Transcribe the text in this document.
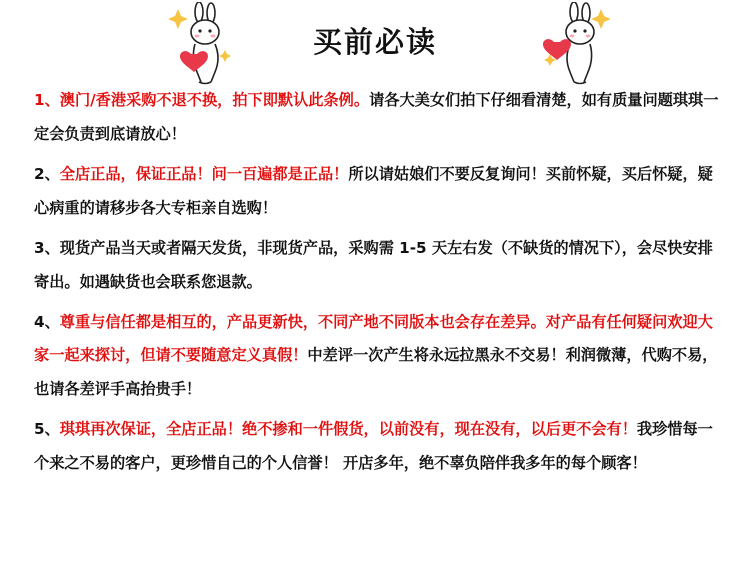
买前必读

1、澳门/香港采购不退不换，拍下即默认此条例。请各大美女们拍下仔细看清楚，如有质量问题琪琪一定会负责到底请放心！

2、全店正品，保证正品！问一百遍都是正品！所以请姑娘们不要反复询问！买前怀疑，买后怀疑，疑心病重的请移步各大专柜亲自选购！

3、现货产品当天或者隔天发货，非现货产品，采购需 1-5 天左右发（不缺货的情况下），会尽快安排寄出。如遇缺货也会联系您退款。

4、尊重与信任都是相互的，产品更新快，不同产地不同版本也会存在差异。对产品有任何疑问欢迎大家一起来探讨，但请不要随意定义真假！中差评一次产生将永远拉黑永不交易！利润微薄，代购不易，也请各差评手高抬贵手！

5、琪琪再次保证，全店正品！绝不掺和一件假货，以前没有，现在没有，以后更不会有！我珍惜每一个来之不易的客户，更珍惜自己的个人信誉！ 开店多年，绝不辜负陪伴我多年的每个顾客！
